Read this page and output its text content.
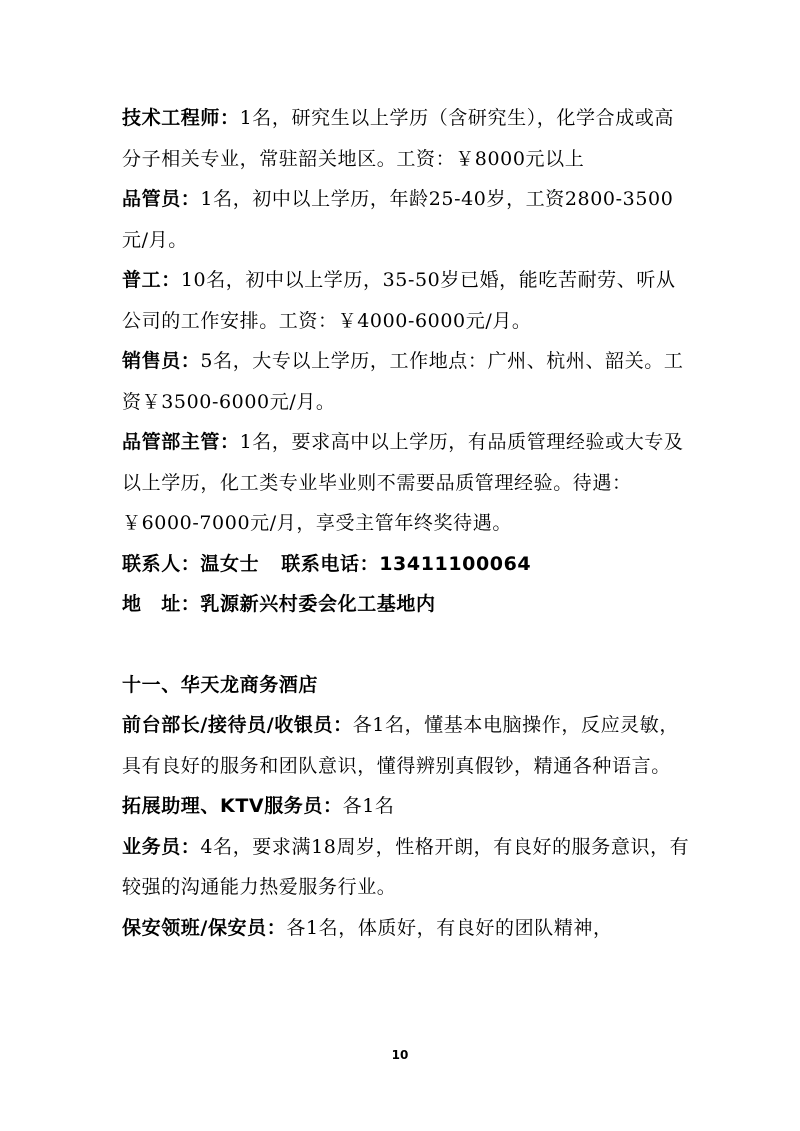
技术工程师：1名，研究生以上学历（含研究生），化学合成或高分子相关专业，常驻韶关地区。工资：￥8000元以上

品管员：1名，初中以上学历，年龄25-40岁，工资2800-3500元/月。

普工：10名，初中以上学历，35-50岁已婚，能吃苦耐劳、听从公司的工作安排。工资：￥4000-6000元/月。

销售员：5名，大专以上学历，工作地点：广州、杭州、韶关。工资￥3500-6000元/月。

品管部主管：1名，要求高中以上学历，有品质管理经验或大专及以上学历，化工类专业毕业则不需要品质管理经验。待遇：￥6000-7000元/月，享受主管年终奖待遇。

联系人：温女士 联系电话：13411100064

地　址：乳源新兴村委会化工基地内

十一、华天龙商务酒店

前台部长/接待员/收银员：各1名，懂基本电脑操作，反应灵敏，具有良好的服务和团队意识，懂得辨别真假钞，精通各种语言。

拓展助理、KTV服务员：各1名

业务员：4名，要求满18周岁，性格开朗，有良好的服务意识，有较强的沟通能力热爱服务行业。

保安领班/保安员：各1名，体质好，有良好的团队精神，

10
